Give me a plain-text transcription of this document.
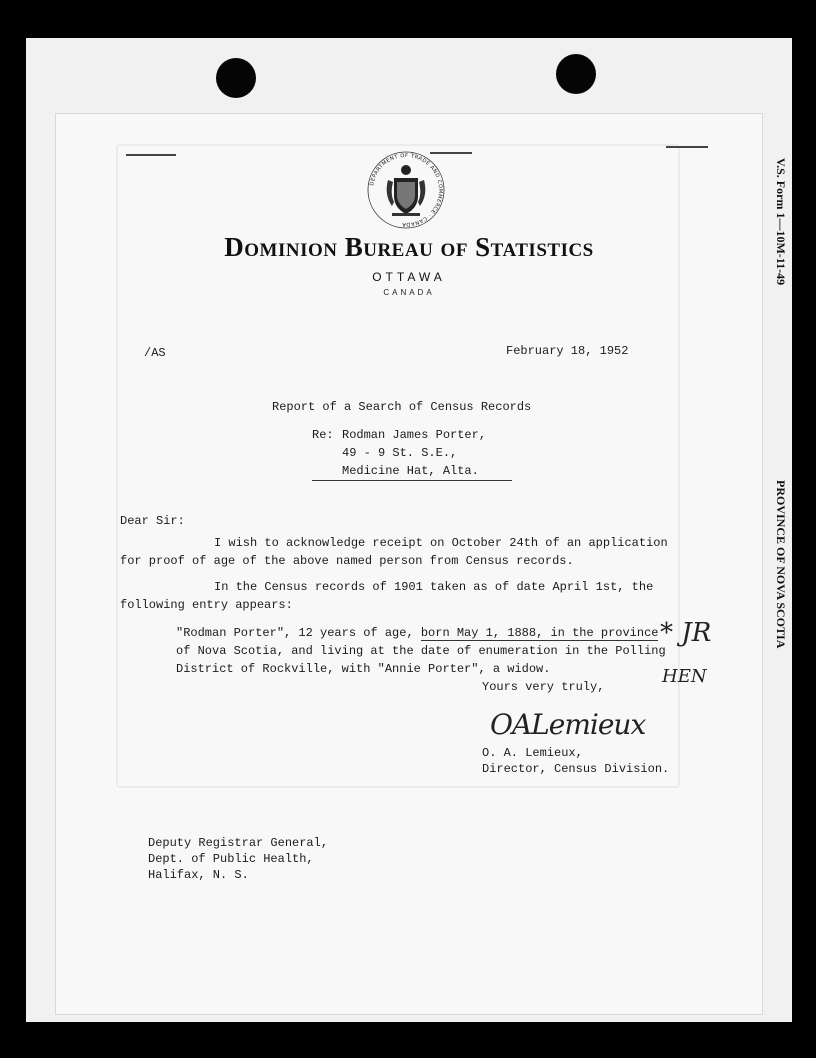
V.S. Form 1—10M-11-49
PROVINCE OF NOVA SCOTIA
DEPARTMENT OF TRADE AND COMMERCE · CANADA
Dominion Bureau of Statistics
OTTAWA
CANADA
/AS	February 18, 1952
Report of a Search of Census Records
Re: Rodman James Porter,
49 - 9 St. S.E.,
Medicine Hat, Alta.
Dear Sir:
I wish to acknowledge receipt on October 24th of an application
for proof of age of the above named person from Census records.
In the Census records of 1901 taken as of date April 1st, the
following entry appears:
"Rodman Porter", 12 years of age, born May 1, 1888, in the province
of Nova Scotia, and living at the date of enumeration in the Polling
District of Rockville, with "Annie Porter", a widow.
* JR
HEN
Yours very truly,
OALemieux
O. A. Lemieux,
Director, Census Division.
Deputy Registrar General,
Dept. of Public Health,
Halifax, N. S.
